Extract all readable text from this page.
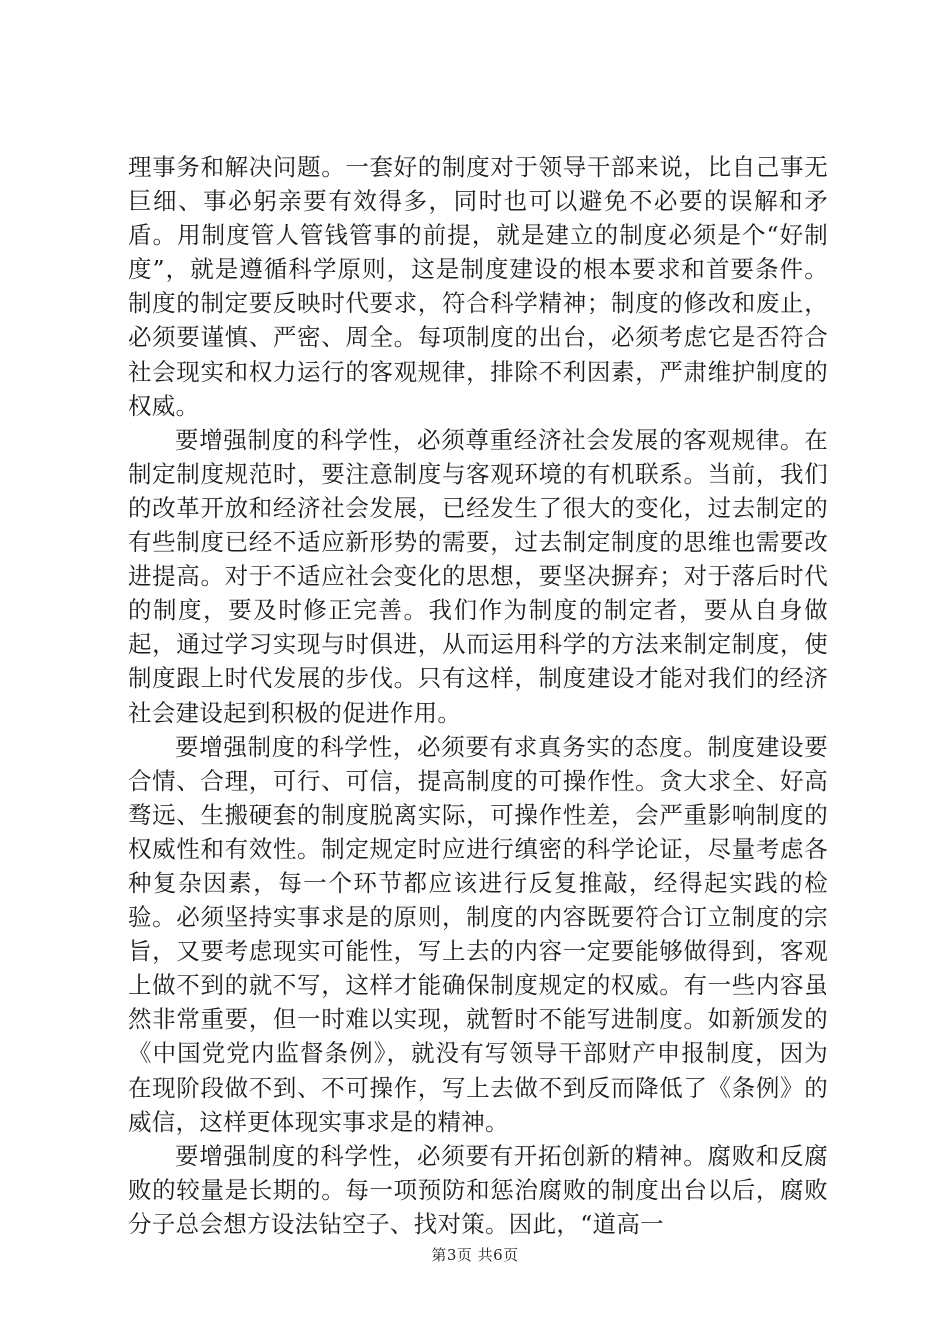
理事务和解决问题。一套好的制度对于领导干部来说，比自己事无巨细、事必躬亲要有效得多，同时也可以避免不必要的误解和矛盾。用制度管人管钱管事的前提，就是建立的制度必须是个“好制度”，就是遵循科学原则，这是制度建设的根本要求和首要条件。制度的制定要反映时代要求，符合科学精神；制度的修改和废止，必须要谨慎、严密、周全。每项制度的出台，必须考虑它是否符合社会现实和权力运行的客观规律，排除不利因素，严肃维护制度的权威。

要增强制度的科学性，必须尊重经济社会发展的客观规律。在制定制度规范时，要注意制度与客观环境的有机联系。当前，我们的改革开放和经济社会发展，已经发生了很大的变化，过去制定的有些制度已经不适应新形势的需要，过去制定制度的思维也需要改进提高。对于不适应社会变化的思想，要坚决摒弃；对于落后时代的制度，要及时修正完善。我们作为制度的制定者，要从自身做起，通过学习实现与时俱进，从而运用科学的方法来制定制度，使制度跟上时代发展的步伐。只有这样，制度建设才能对我们的经济社会建设起到积极的促进作用。

要增强制度的科学性，必须要有求真务实的态度。制度建设要合情、合理，可行、可信，提高制度的可操作性。贪大求全、好高骛远、生搬硬套的制度脱离实际，可操作性差，会严重影响制度的权威性和有效性。制定规定时应进行缜密的科学论证，尽量考虑各种复杂因素，每一个环节都应该进行反复推敲，经得起实践的检验。必须坚持实事求是的原则，制度的内容既要符合订立制度的宗旨，又要考虑现实可能性，写上去的内容一定要能够做得到，客观上做不到的就不写，这样才能确保制度规定的权威。有一些内容虽然非常重要，但一时难以实现，就暂时不能写进制度。如新颁发的《中国党党内监督条例》，就没有写领导干部财产申报制度，因为在现阶段做不到、不可操作，写上去做不到反而降低了《条例》的威信，这样更体现实事求是的精神。

要增强制度的科学性，必须要有开拓创新的精神。腐败和反腐败的较量是长期的。每一项预防和惩治腐败的制度出台以后，腐败分子总会想方设法钻空子、找对策。因此，“道高一

第3页 共6页
